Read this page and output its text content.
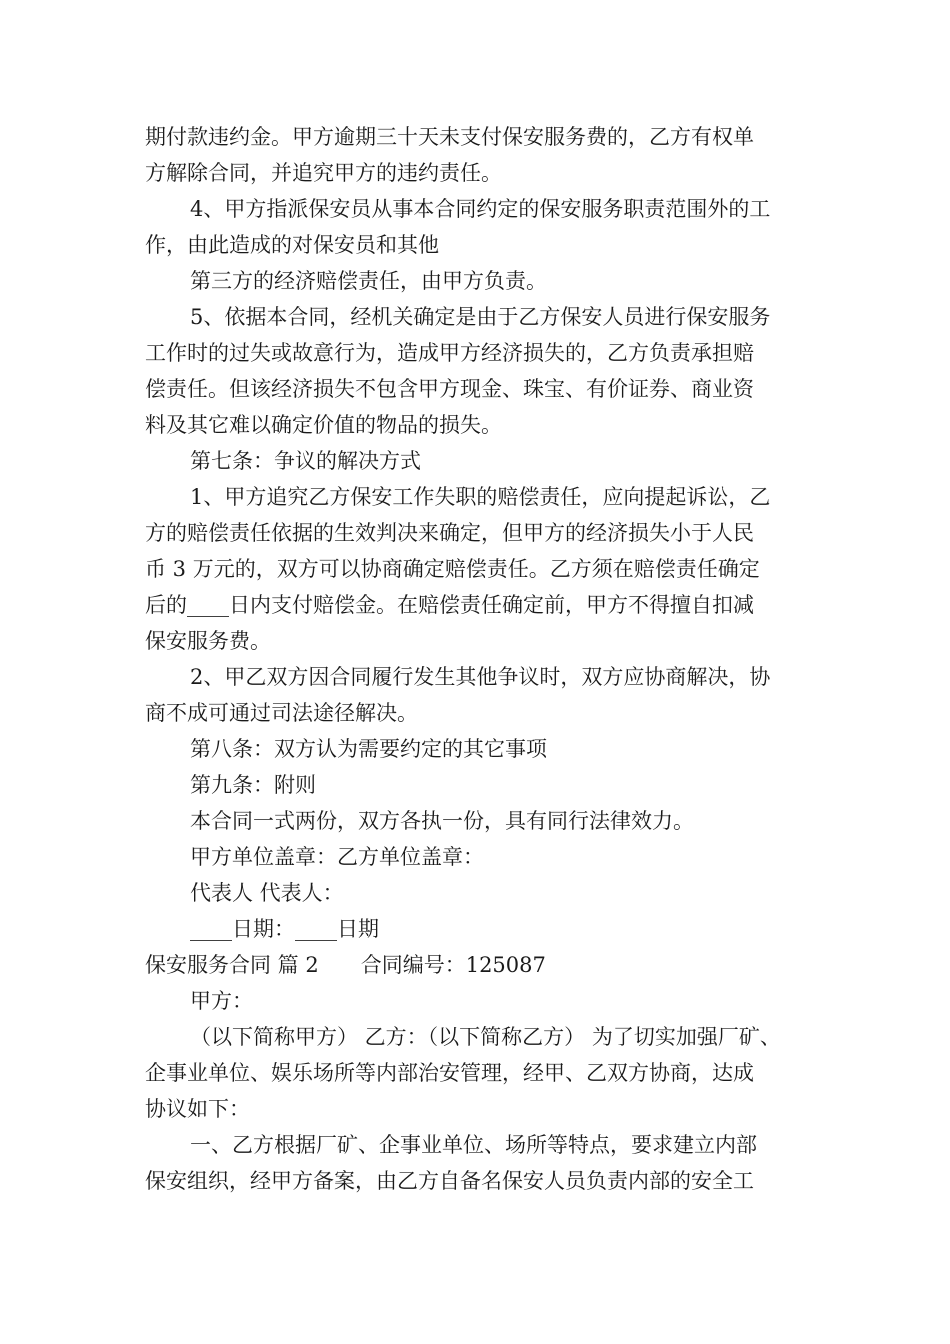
期付款违约金。甲方逾期三十天未支付保安服务费的，乙方有权单
方解除合同，并追究甲方的违约责任。
4、甲方指派保安员从事本合同约定的保安服务职责范围外的工
作，由此造成的对保安员和其他
第三方的经济赔偿责任，由甲方负责。
5、依据本合同，经机关确定是由于乙方保安人员进行保安服务
工作时的过失或故意行为，造成甲方经济损失的，乙方负责承担赔
偿责任。但该经济损失不包含甲方现金、珠宝、有价证券、商业资
料及其它难以确定价值的物品的损失。
第七条：争议的解决方式
1、甲方追究乙方保安工作失职的赔偿责任，应向提起诉讼，乙
方的赔偿责任依据的生效判决来确定，但甲方的经济损失小于人民
币 3 万元的，双方可以协商确定赔偿责任。乙方须在赔偿责任确定
后的____日内支付赔偿金。在赔偿责任确定前，甲方不得擅自扣减
保安服务费。
2、甲乙双方因合同履行发生其他争议时，双方应协商解决，协
商不成可通过司法途径解决。
第八条：双方认为需要约定的其它事项
第九条：附则
本合同一式两份，双方各执一份，具有同行法律效力。
甲方单位盖章：乙方单位盖章：
代表人 代表人：
____日期：____日期
保安服务合同 篇 2　　合同编号：125087
甲方：
（以下简称甲方） 乙方：（以下简称乙方） 为了切实加强厂矿、
企事业单位、娱乐场所等内部治安管理，经甲、乙双方协商，达成
协议如下：
一、乙方根据厂矿、企事业单位、场所等特点，要求建立内部
保安组织，经甲方备案，由乙方自备名保安人员负责内部的安全工
